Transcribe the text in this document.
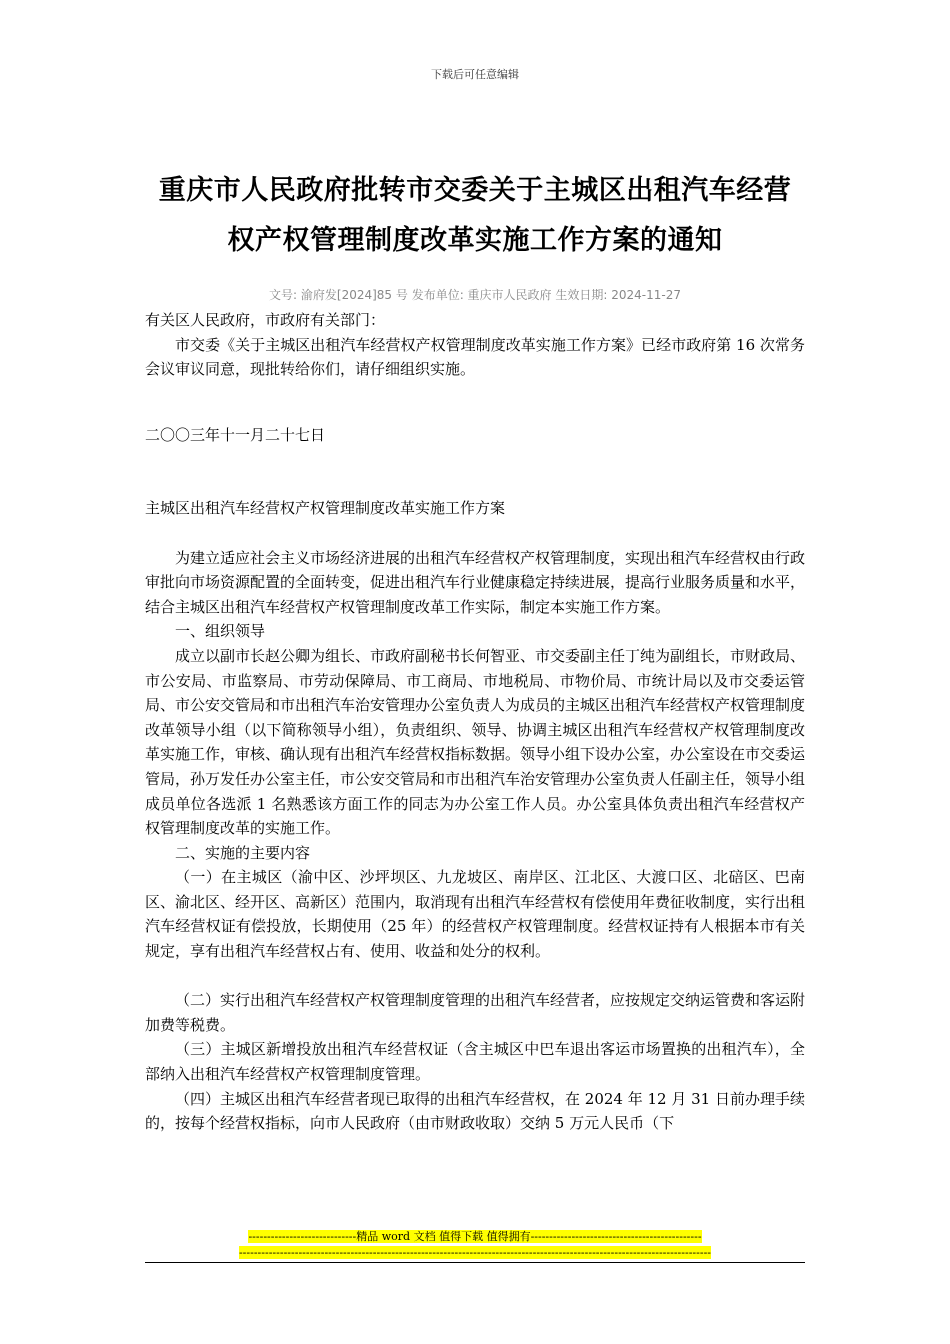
下载后可任意编辑
重庆市人民政府批转市交委关于主城区出租汽车经营
权产权管理制度改革实施工作方案的通知
文号: 渝府发[2024]85 号 发布单位: 重庆市人民政府 生效日期: 2024-11-27

有关区人民政府，市政府有关部门：

市交委《关于主城区出租汽车经营权产权管理制度改革实施工作方案》已经市政府第 16 次常务会议审议同意，现批转给你们，请仔细组织实施。

二〇〇三年十一月二十七日

主城区出租汽车经营权产权管理制度改革实施工作方案

为建立适应社会主义市场经济进展的出租汽车经营权产权管理制度，实现出租汽车经营权由行政审批向市场资源配置的全面转变，促进出租汽车行业健康稳定持续进展，提高行业服务质量和水平，结合主城区出租汽车经营权产权管理制度改革工作实际，制定本实施工作方案。

一、组织领导

成立以副市长赵公卿为组长、市政府副秘书长何智亚、市交委副主任丁纯为副组长，市财政局、市公安局、市监察局、市劳动保障局、市工商局、市地税局、市物价局、市统计局以及市交委运管局、市公安交管局和市出租汽车治安管理办公室负责人为成员的主城区出租汽车经营权产权管理制度改革领导小组（以下简称领导小组），负责组织、领导、协调主城区出租汽车经营权产权管理制度改革实施工作，审核、确认现有出租汽车经营权指标数据。领导小组下设办公室，办公室设在市交委运管局，孙万发任办公室主任，市公安交管局和市出租汽车治安管理办公室负责人任副主任，领导小组成员单位各选派 1 名熟悉该方面工作的同志为办公室工作人员。办公室具体负责出租汽车经营权产权管理制度改革的实施工作。

二、实施的主要内容

（一）在主城区（渝中区、沙坪坝区、九龙坡区、南岸区、江北区、大渡口区、北碚区、巴南区、渝北区、经开区、高新区）范围内，取消现有出租汽车经营权有偿使用年费征收制度，实行出租汽车经营权证有偿投放，长期使用（25 年）的经营权产权管理制度。经营权证持有人根据本市有关规定，享有出租汽车经营权占有、使用、收益和处分的权利。

（二）实行出租汽车经营权产权管理制度管理的出租汽车经营者，应按规定交纳运管费和客运附加费等税费。

（三）主城区新增投放出租汽车经营权证（含主城区中巴车退出客运市场置换的出租汽车），全部纳入出租汽车经营权产权管理制度管理。

（四）主城区出租汽车经营者现已取得的出租汽车经营权，在 2024 年 12 月 31 日前办理手续的，按每个经营权指标，向市人民政府（由市财政收取）交纳 5 万元人民币（下

-----------------------------精品 word 文档 值得下载 值得拥有----------------------------------------------
-------------------------------------------------------------------------------------------------------------------------------
